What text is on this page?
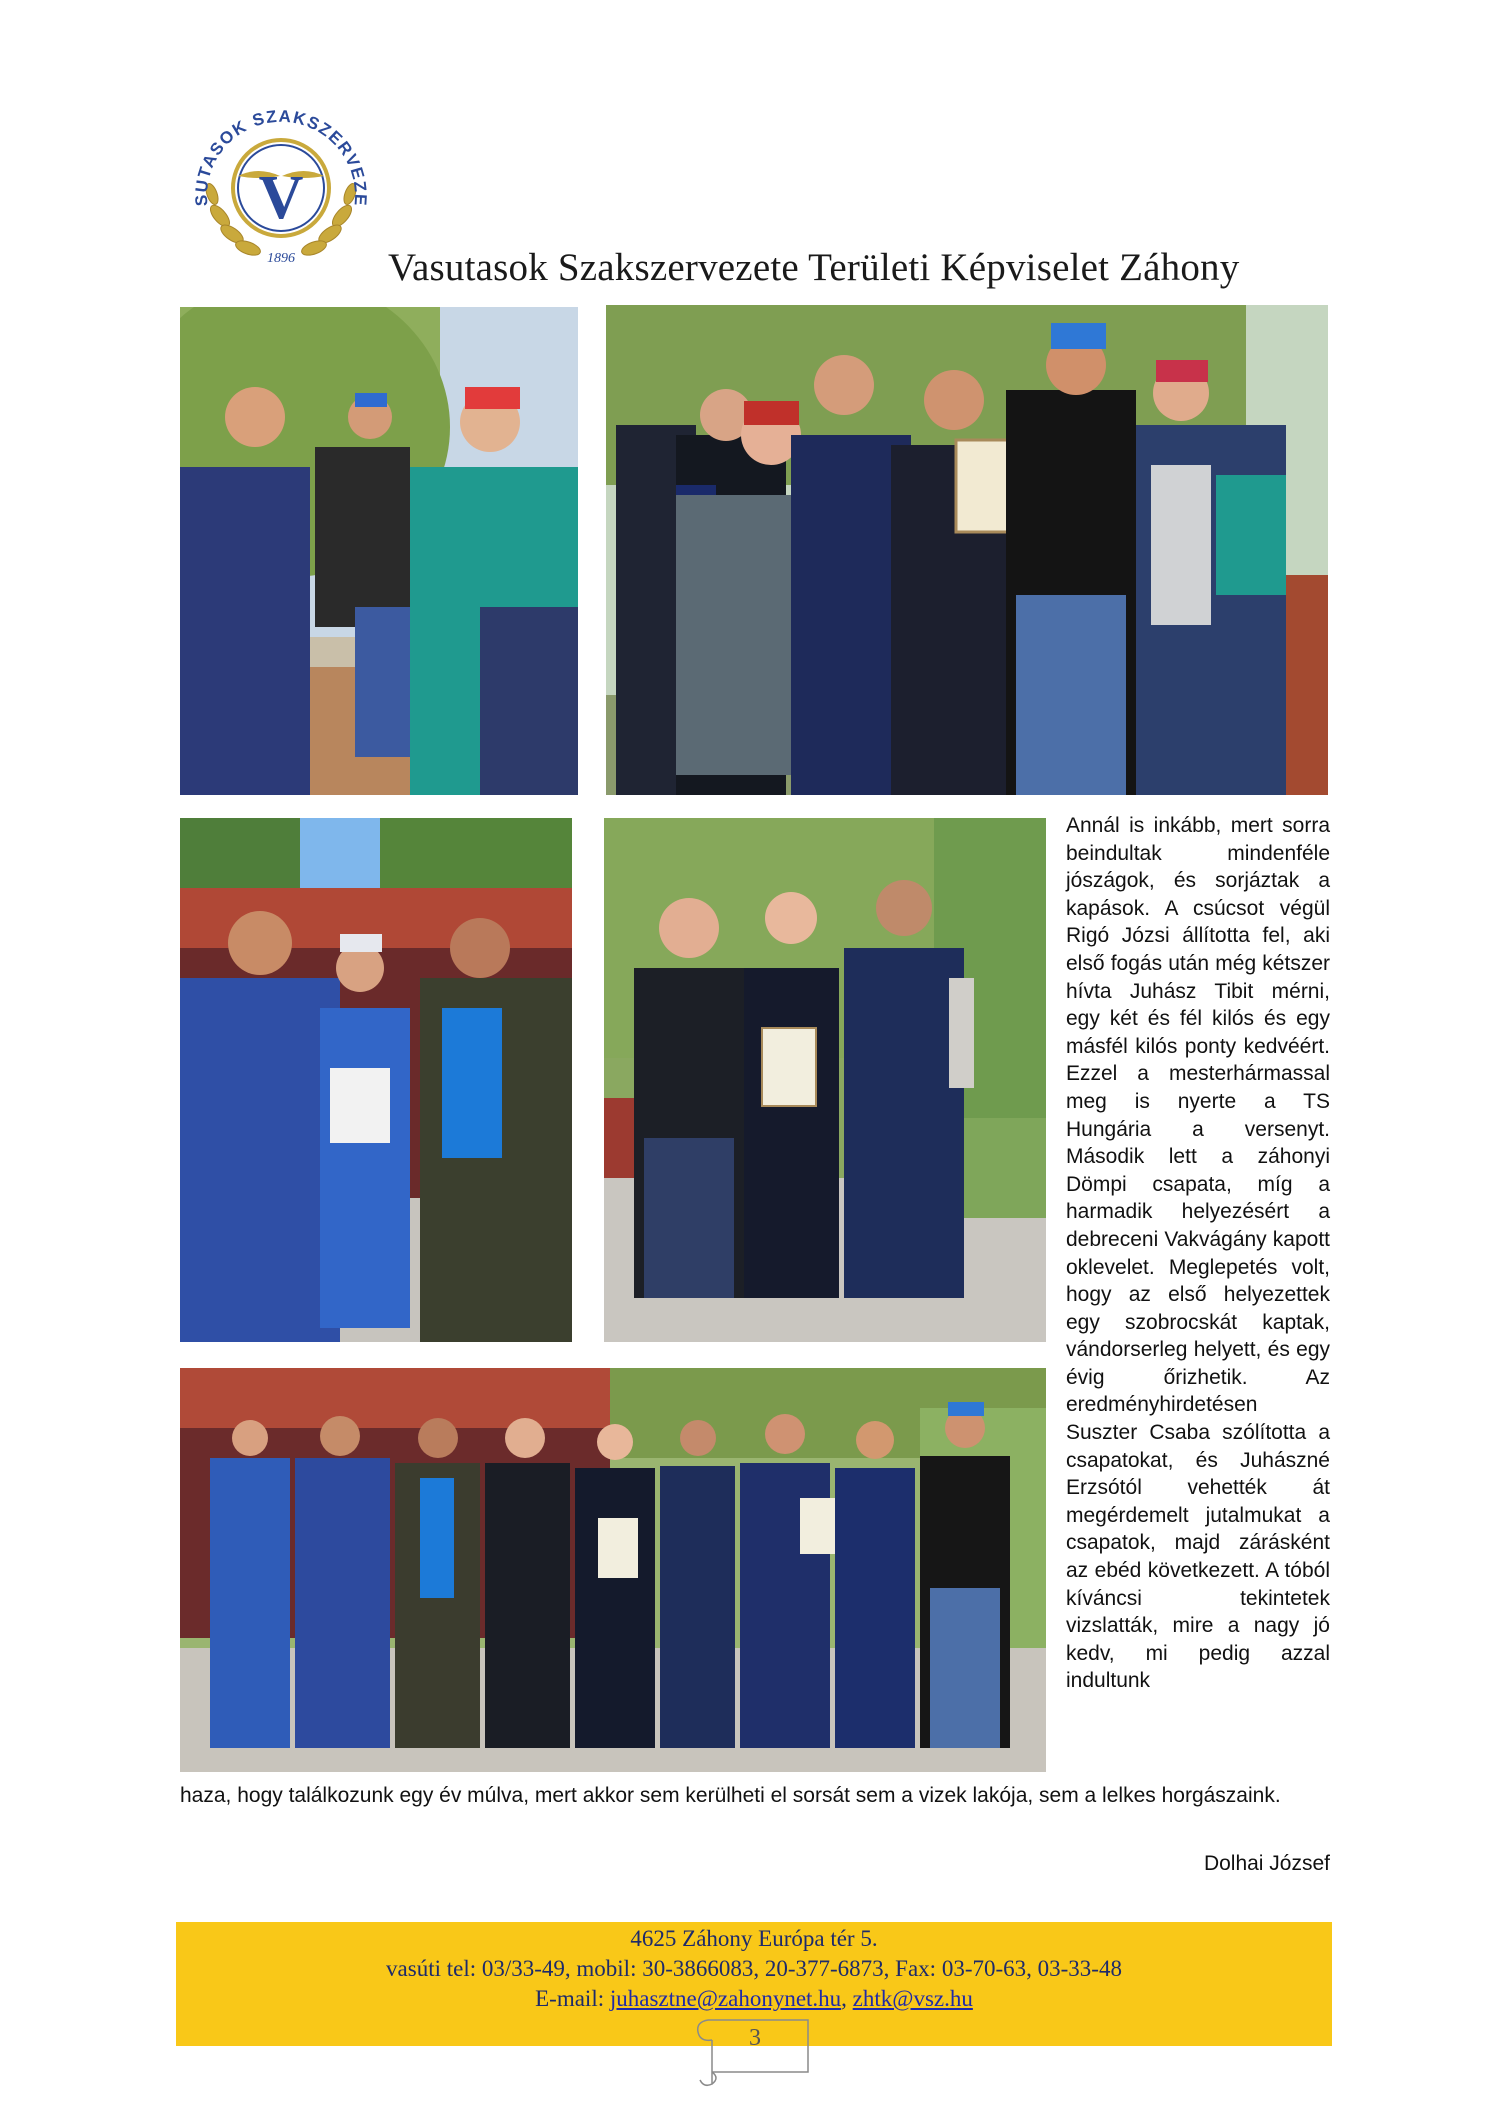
SUTASOK SZAKSZERVEZE
V
1896 Vasutasok Szakszervezete Területi Képviselet Záhony
Annál is inkább, mert sorra beindultak mindenféle jószágok, és sorjáztak a kapások. A csúcsot végül Rigó Józsi állította fel, aki első fogás után még kétszer hívta Juhász Tibit mérni, egy két és fél kilós és egy másfél kilós ponty kedvéért. Ezzel a mesterhármassal meg is nyerte a TS Hungária a versenyt. Második lett a záhonyi Dömpi csapata, míg a harmadik helyezésért a debreceni Vakvágány kapott oklevelet. Meglepetés volt, hogy az első helyezettek egy szobrocskát kaptak, vándorserleg helyett, és egy évig őrizhetik. Az eredményhirdetésen Suszter Csaba szólította a csapatokat, és Juhászné Erzsótól vehették át megérdemelt jutalmukat a csapatok, majd zárásként az ebéd következett. A tóból kíváncsi tekintetek vizslatták, mire a nagy jó kedv, mi pedig azzal indultunk
haza, hogy találkozunk egy év múlva, mert akkor sem kerülheti el sorsát sem a vizek lakója, sem a lelkes horgászaink.
Dolhai József
4625 Záhony Európa tér 5.
vasúti tel: 03/33-49, mobil: 30-3866083, 20-377-6873, Fax: 03-70-63, 03-33-48
E-mail: juhasztne@zahonynet.hu, zhtk@vsz.hu
3
